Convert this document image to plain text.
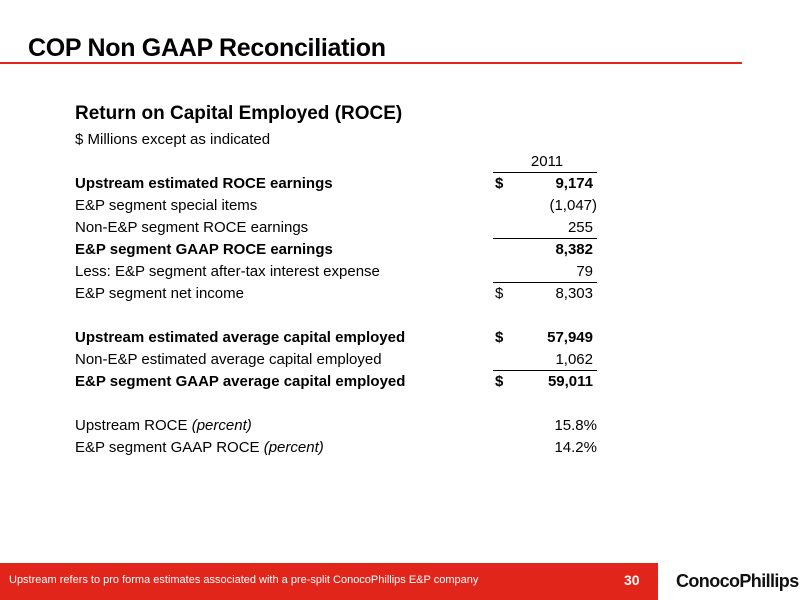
COP Non GAAP Reconciliation
Return on Capital Employed (ROCE)
$ Millions except as indicated
2011
Upstream estimated ROCE earnings	$	9,174
E&P segment special items	(1,047)
Non-E&P segment ROCE earnings	255
E&P segment GAAP ROCE earnings	8,382
Less: E&P segment after-tax interest expense	79
E&P segment net income	$	8,303
Upstream estimated average capital employed	$	57,949
Non-E&P estimated average capital employed	1,062
E&P segment GAAP average capital employed	$	59,011
Upstream ROCE (percent)	15.8%
E&P segment GAAP ROCE (percent)	14.2%
Upstream refers to pro forma estimates associated with a pre-split ConocoPhillips E&P company	30 ConocoPhillips
